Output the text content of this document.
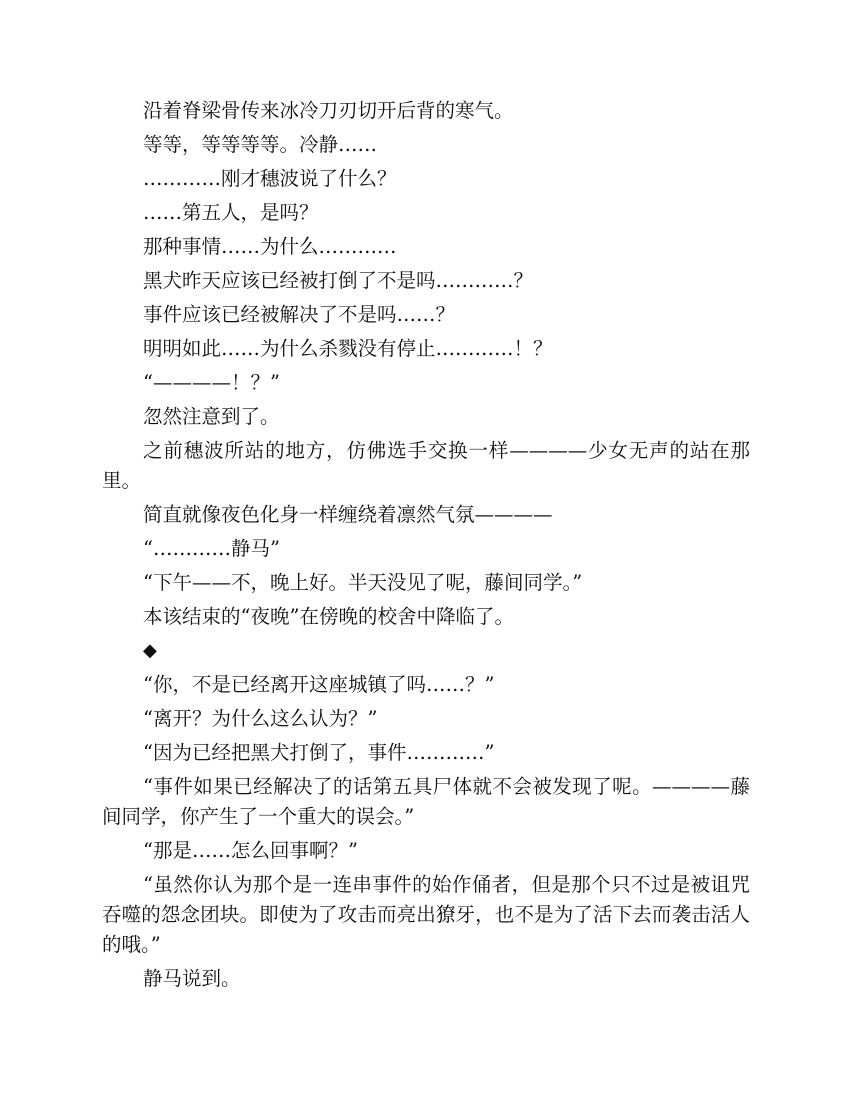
沿着脊梁骨传来冰冷刀刃切开后背的寒气。

等等，等等等等。冷静……

…………刚才穗波说了什么？

……第五人，是吗？

那种事情……为什么…………

黑犬昨天应该已经被打倒了不是吗…………？

事件应该已经被解决了不是吗……？

明明如此……为什么杀戮没有停止…………！？

“————！？”

忽然注意到了。

之前穗波所站的地方，仿佛选手交换一样————少女无声的站在那里。

简直就像夜色化身一样缠绕着凛然气氛————

“…………静马”

“下午——不，晚上好。半天没见了呢，藤间同学。”

本该结束的“夜晚”在傍晚的校舍中降临了。

◆

“你，不是已经离开这座城镇了吗……？”

“离开？为什么这么认为？”

“因为已经把黑犬打倒了，事件…………”

“事件如果已经解决了的话第五具尸体就不会被发现了呢。————藤间同学，你产生了一个重大的误会。”

“那是……怎么回事啊？”

“虽然你认为那个是一连串事件的始作俑者，但是那个只不过是被诅咒吞噬的怨念团块。即使为了攻击而亮出獠牙，也不是为了活下去而袭击活人的哦。”

静马说到。
